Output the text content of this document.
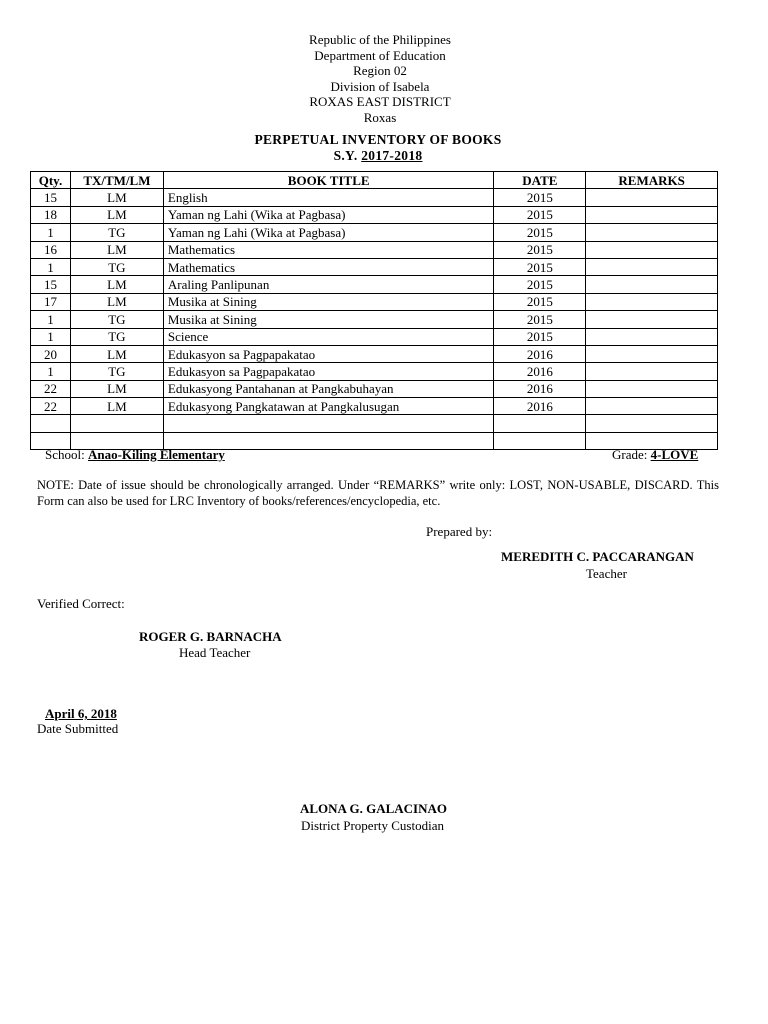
Republic of the Philippines
Department of Education
Region 02
Division of Isabela
ROXAS EAST DISTRICT
Roxas
PERPETUAL INVENTORY OF BOOKS
S.Y. 2017-2018
Qty.	TX/TM/LM	BOOK TITLE	DATE	REMARKS
15	LM	English	2015	
18	LM	Yaman ng Lahi (Wika at Pagbasa)	2015	
1	TG	Yaman ng Lahi (Wika at Pagbasa)	2015	
16	LM	Mathematics	2015	
1	TG	Mathematics	2015	
15	LM	Araling Panlipunan	2015	
17	LM	Musika at Sining	2015	
1	TG	Musika at Sining	2015	
1	TG	Science	2015	
20	LM	Edukasyon sa Pagpapakatao	2016	
1	TG	Edukasyon sa Pagpapakatao	2016	
22	LM	Edukasyong Pantahanan at Pangkabuhayan	2016	
22	LM	Edukasyong Pangkatawan at Pangkalusugan	2016	

School: Anao-Kiling Elementary	Grade: 4-LOVE
NOTE: Date of issue should be chronologically arranged. Under “REMARKS” write only: LOST, NON-USABLE, DISCARD. This Form can also be used for LRC Inventory of books/references/encyclopedia, etc.
Prepared by:
MEREDITH C. PACCARANGAN
Teacher
Verified Correct:
ROGER G. BARNACHA
Head Teacher
April 6, 2018
Date Submitted
ALONA G. GALACINAO
District Property Custodian
